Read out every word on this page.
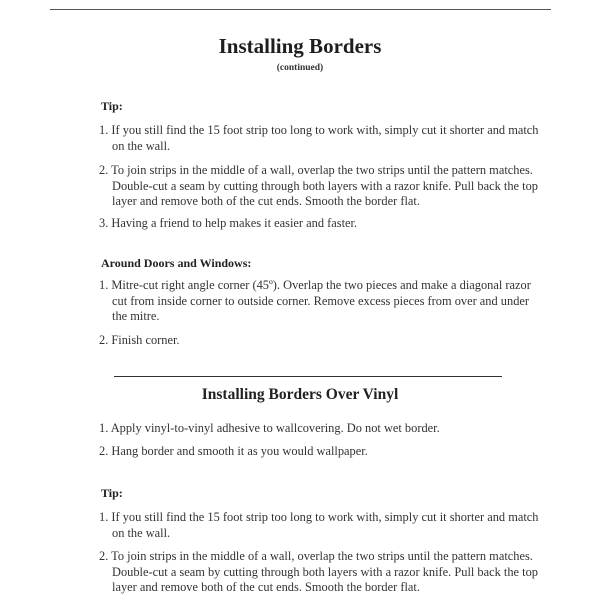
Installing Borders
(continued)
Tip:
1. If you still find the 15 foot strip too long to work with, simply cut it shorter and match on the wall.
2. To join strips in the middle of a wall, overlap the two strips until the pattern matches. Double-cut a seam by cutting through both layers with a razor knife. Pull back the top layer and remove both of the cut ends. Smooth the border flat.
3. Having a friend to help makes it easier and faster.
Around Doors and Windows:
1. Mitre-cut right angle corner (45º). Overlap the two pieces and make a diagonal razor cut from inside corner to outside corner. Remove excess pieces from over and under the mitre.
2. Finish corner.
Installing Borders Over Vinyl
1. Apply vinyl-to-vinyl adhesive to wallcovering. Do not wet border.
2. Hang border and smooth it as you would wallpaper.
Tip:
1. If you still find the 15 foot strip too long to work with, simply cut it shorter and match on the wall.
2. To join strips in the middle of a wall, overlap the two strips until the pattern matches. Double-cut a seam by cutting through both layers with a razor knife. Pull back the top layer and remove both of the cut ends. Smooth the border flat.
